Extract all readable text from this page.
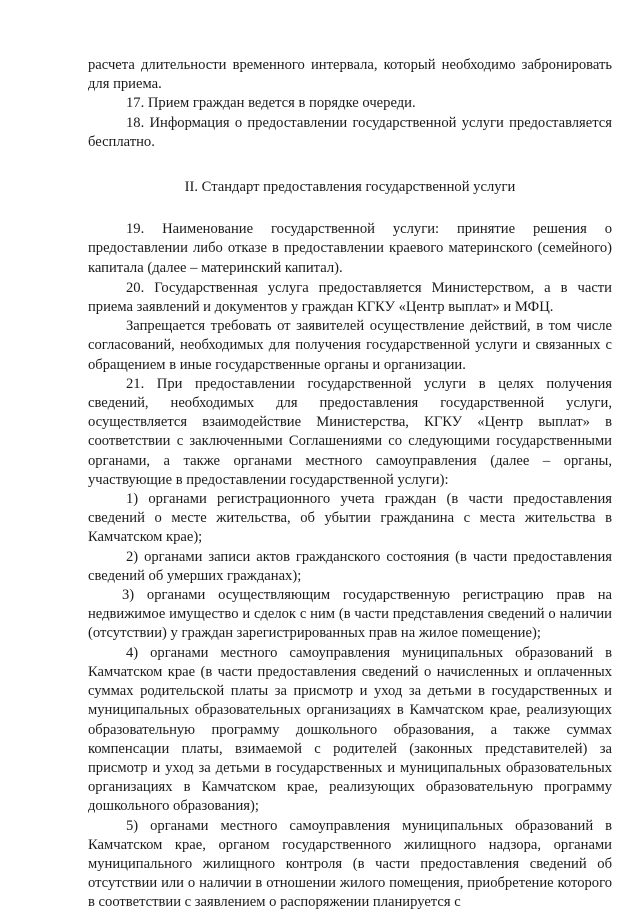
расчета длительности временного интервала, который необходимо забронировать для приема.

17. Прием граждан ведется в порядке очереди.

18. Информация о предоставлении государственной услуги предоставляется бесплатно.

II. Стандарт предоставления государственной услуги

19. Наименование государственной услуги: принятие решения о предоставлении либо отказе в предоставлении краевого материнского (семейного) капитала (далее – материнский капитал).

20. Государственная услуга предоставляется Министерством, а в части приема заявлений и документов у граждан КГКУ «Центр выплат» и МФЦ.

Запрещается требовать от заявителей осуществление действий, в том числе согласований, необходимых для получения государственной услуги и связанных с обращением в иные государственные органы и организации.

21. При предоставлении государственной услуги в целях получения сведений, необходимых для предоставления государственной услуги, осуществляется взаимодействие Министерства, КГКУ «Центр выплат» в соответствии с заключенными Соглашениями со следующими государственными органами, а также органами местного самоуправления (далее – органы, участвующие в предоставлении государственной услуги):

1) органами регистрационного учета граждан (в части предоставления сведений о месте жительства, об убытии гражданина с места жительства в Камчатском крае);

2) органами записи актов гражданского состояния (в части предоставления сведений об умерших гражданах);

3) органами осуществляющим государственную регистрацию прав на недвижимое имущество и сделок с ним (в части представления сведений о наличии (отсутствии) у граждан зарегистрированных прав на жилое помещение);

4) органами местного самоуправления муниципальных образований в Камчатском крае (в части предоставления сведений о начисленных и оплаченных суммах родительской платы за присмотр и уход за детьми в государственных и муниципальных образовательных организациях в Камчатском крае, реализующих образовательную программу дошкольного образования, а также суммах компенсации платы, взимаемой с родителей (законных представителей) за присмотр и уход за детьми в государственных и муниципальных образовательных организациях в Камчатском крае, реализующих образовательную программу дошкольного образования);

5) органами местного самоуправления муниципальных образований в Камчатском крае, органом государственного жилищного надзора, органами муниципального жилищного контроля (в части предоставления сведений об отсутствии или о наличии в отношении жилого помещения, приобретение которого в соответствии с заявлением о распоряжении планируется с
